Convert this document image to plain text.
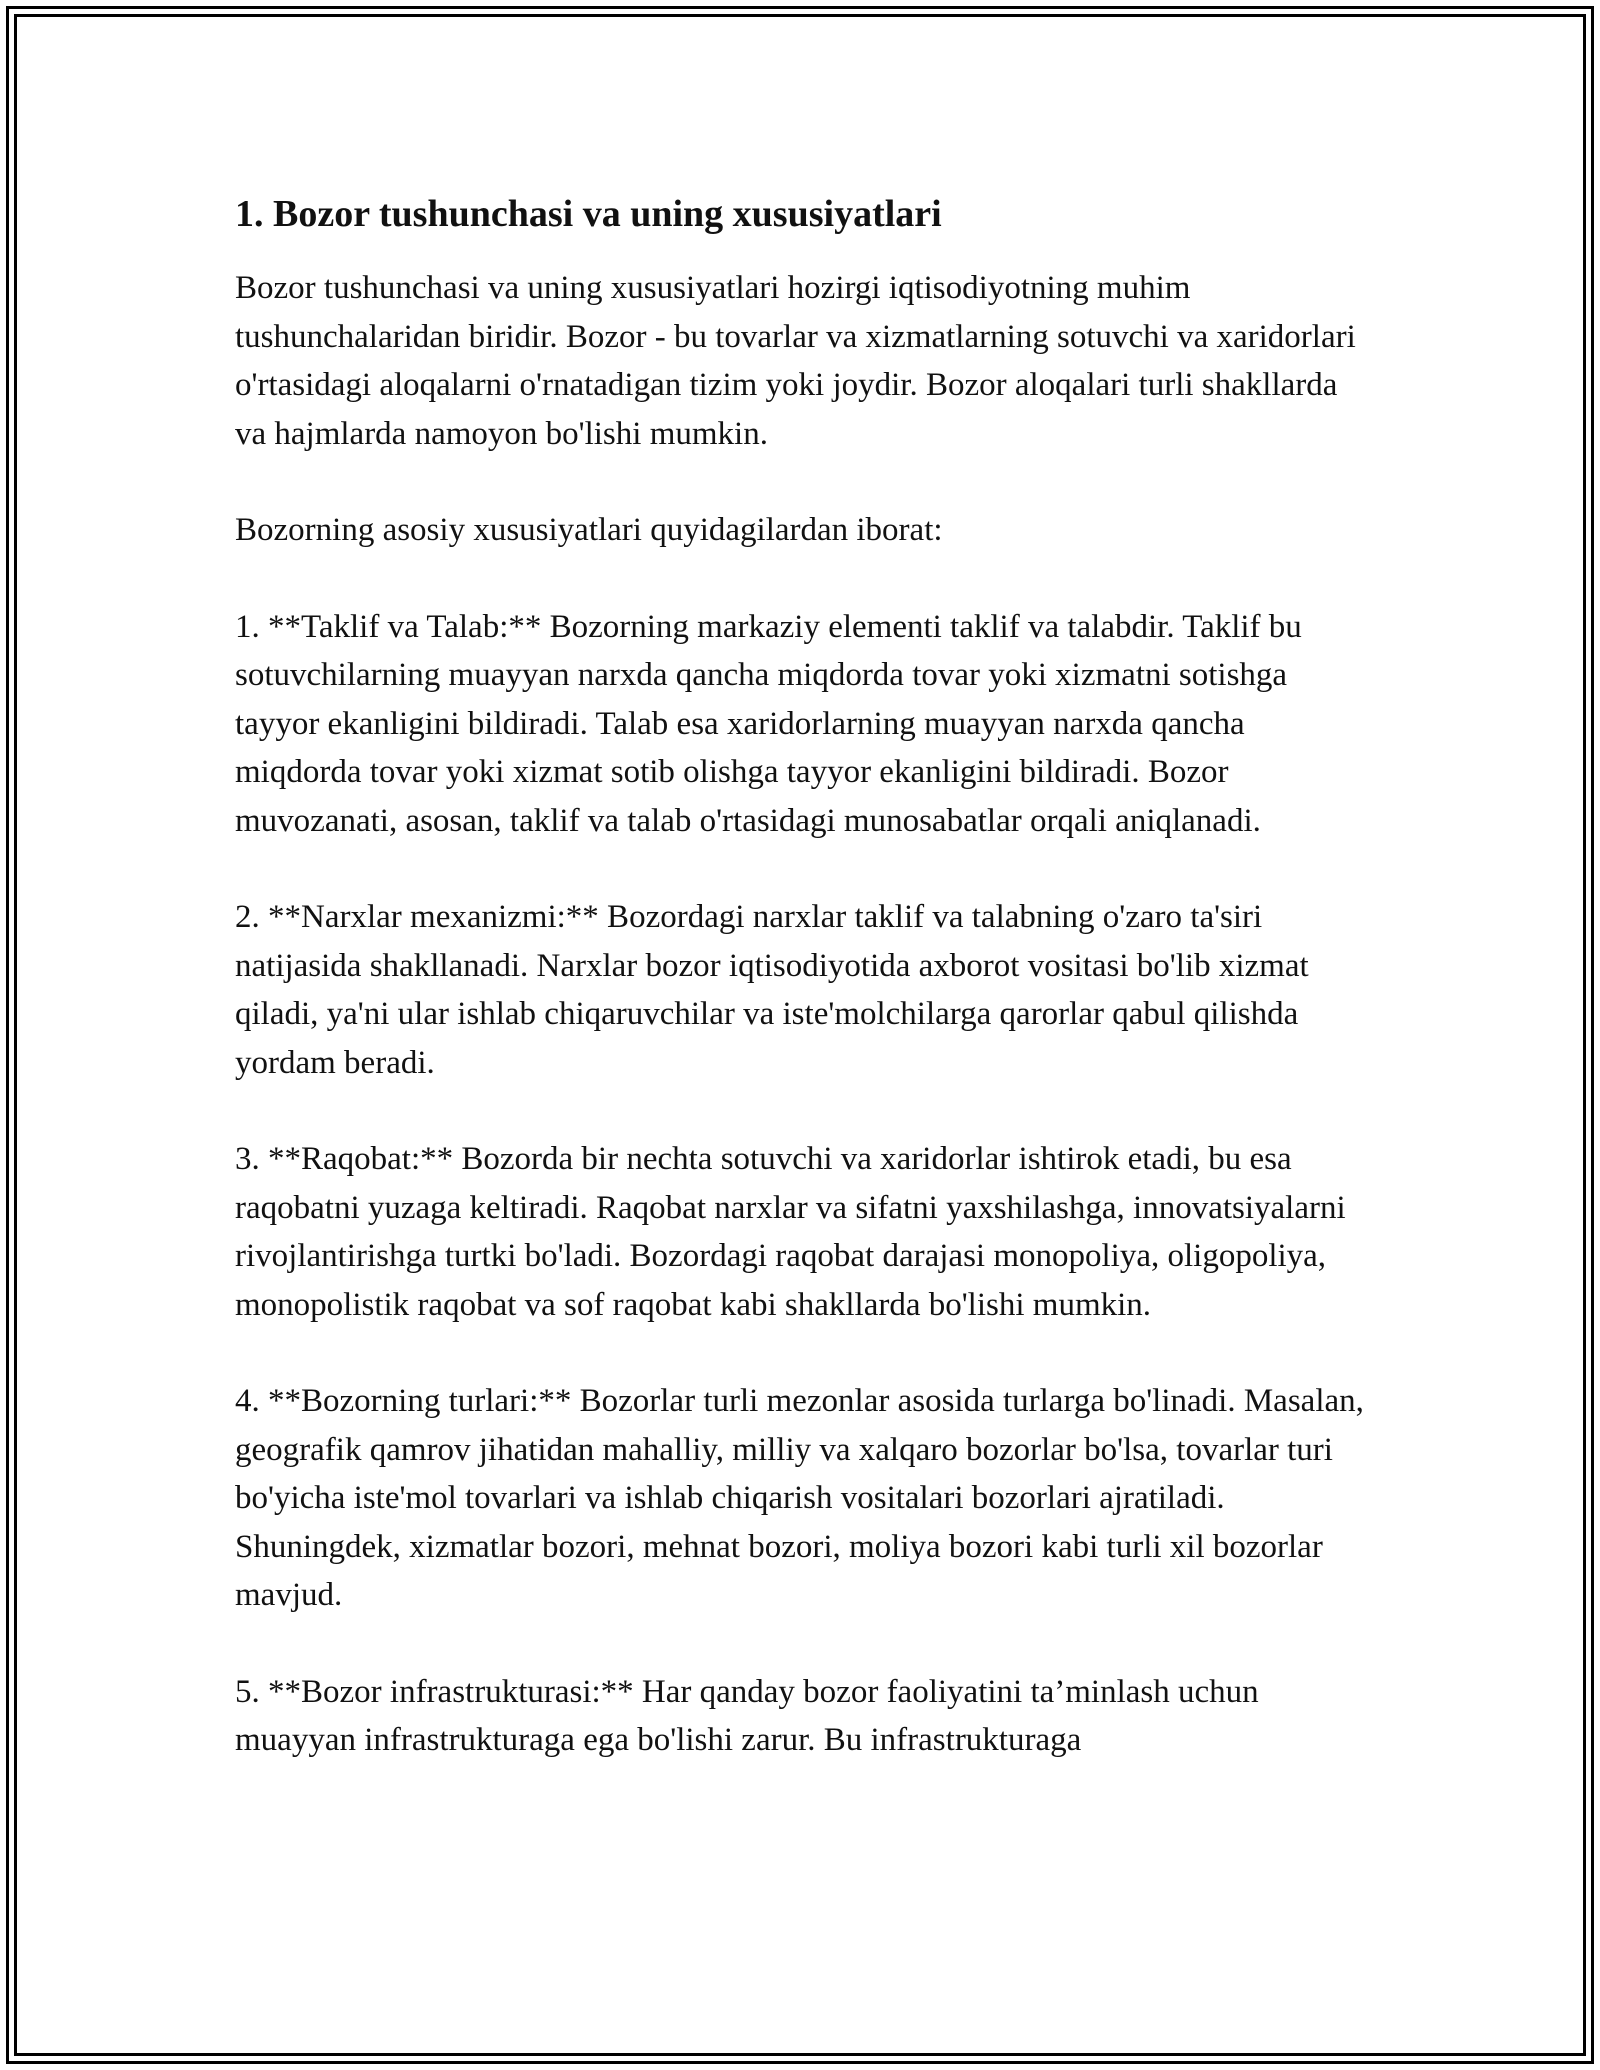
1. Bozor tushunchasi va uning xususiyatlari

Bozor tushunchasi va uning xususiyatlari hozirgi iqtisodiyotning muhim tushunchalaridan biridir. Bozor - bu tovarlar va xizmatlarning sotuvchi va xaridorlari o'rtasidagi aloqalarni o'rnatadigan tizim yoki joydir. Bozor aloqalari turli shakllarda va hajmlarda namoyon bo'lishi mumkin.

Bozorning asosiy xususiyatlari quyidagilardan iborat:

1. **Taklif va Talab:** Bozorning markaziy elementi taklif va talabdir. Taklif bu sotuvchilarning muayyan narxda qancha miqdorda tovar yoki xizmatni sotishga tayyor ekanligini bildiradi. Talab esa xaridorlarning muayyan narxda qancha miqdorda tovar yoki xizmat sotib olishga tayyor ekanligini bildiradi. Bozor muvozanati, asosan, taklif va talab o'rtasidagi munosabatlar orqali aniqlanadi.

2. **Narxlar mexanizmi:** Bozordagi narxlar taklif va talabning o'zaro ta'siri natijasida shakllanadi. Narxlar bozor iqtisodiyotida axborot vositasi bo'lib xizmat qiladi, ya'ni ular ishlab chiqaruvchilar va iste'molchilarga qarorlar qabul qilishda yordam beradi.

3. **Raqobat:** Bozorda bir nechta sotuvchi va xaridorlar ishtirok etadi, bu esa raqobatni yuzaga keltiradi. Raqobat narxlar va sifatni yaxshilashga, innovatsiyalarni rivojlantirishga turtki bo'ladi. Bozordagi raqobat darajasi monopoliya, oligopoliya, monopolistik raqobat va sof raqobat kabi shakllarda bo'lishi mumkin.

4. **Bozorning turlari:** Bozorlar turli mezonlar asosida turlarga bo'linadi. Masalan, geografik qamrov jihatidan mahalliy, milliy va xalqaro bozorlar bo'lsa, tovarlar turi bo'yicha iste'mol tovarlari va ishlab chiqarish vositalari bozorlari ajratiladi. Shuningdek, xizmatlar bozori, mehnat bozori, moliya bozori kabi turli xil bozorlar mavjud.

5. **Bozor infrastrukturasi:** Har qanday bozor faoliyatini ta’minlash uchun muayyan infrastrukturaga ega bo'lishi zarur. Bu infrastrukturaga
